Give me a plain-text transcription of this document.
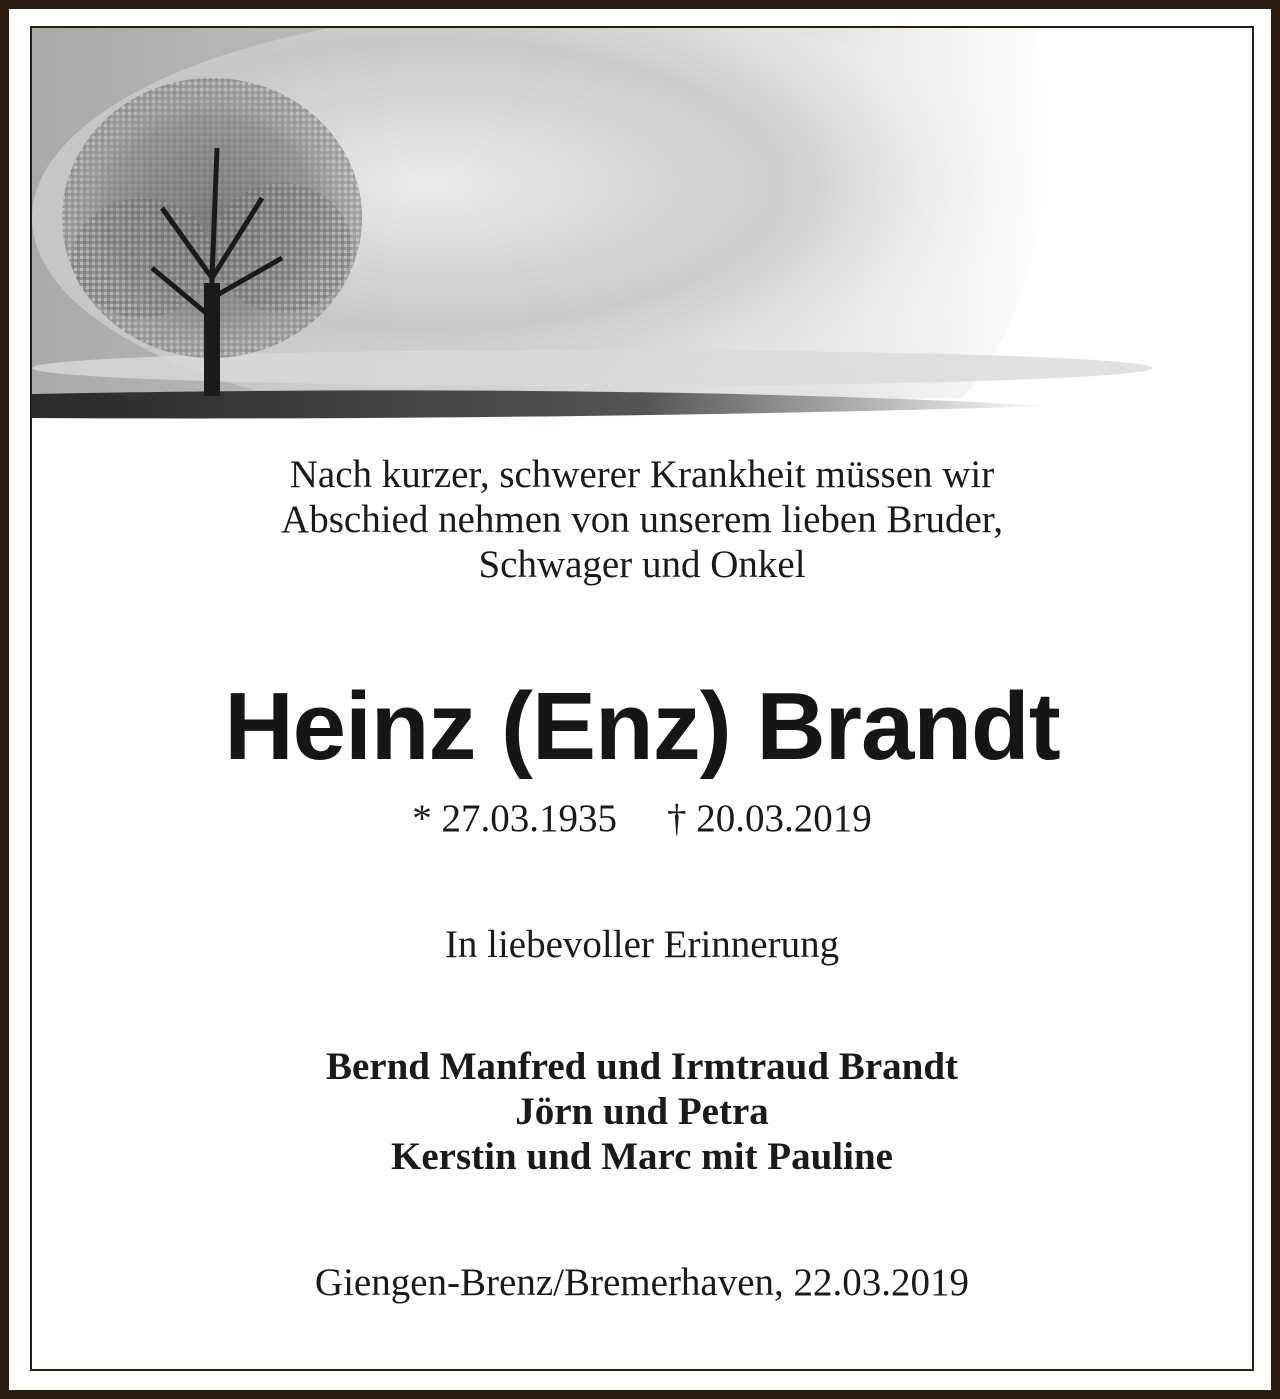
Nach kurzer, schwerer Krankheit müssen wir
Abschied nehmen von unserem lieben Bruder,
Schwager und Onkel
Heinz (Enz) Brandt
* 27.03.1935 † 20.03.2019
In liebevoller Erinnerung
Bernd Manfred und Irmtraud Brandt
Jörn und Petra
Kerstin und Marc mit Pauline
Giengen-Brenz/Bremerhaven, 22.03.2019
